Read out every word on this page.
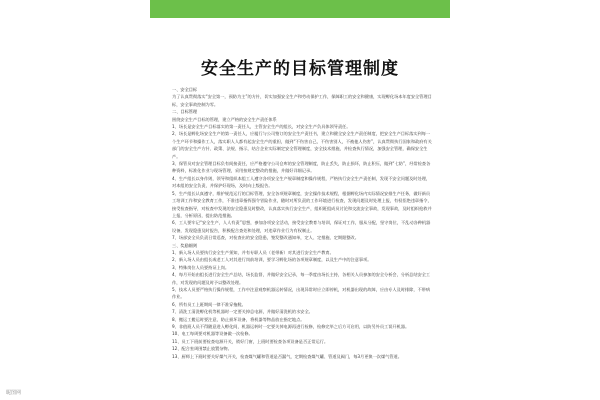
安全生产的目标管理制度

一、安全目标

为了认真贯彻落实“安全第一，预防为主”的方针，切实加强安全生产和劳动保护工作，保障职工的安全和健康，实现孵化场本年度安全管理目标，安全事故控制为零。

二、目标管理

围绕安全生产目标的管理，建立严格的安全生产责任体系

1、场长是安全生产目标落实的第一责任人，主管安全生产的组长，对安全生产负具体领导责任。

2、场长是孵化场安全生产的第一责任人，应履行与公司签订的安全生产责任书，建立和健全安全生产责任制度，把安全生产目标落实到每一个生产环节和操作工人，落实职人人都有起安全生产的重担，做到“不伤害自己，不伤害别人，不被他人伤害”，认真贯彻执行国家和政府有关部门的安全生产方针、政策、法规、指示，结合企业实际制定安全管理制度，安全技术措施，并检查执行情况，加强安全管理，确保安全生产。

3、保管员对安全管理目标负有间接责任，应严格遵守公司仓库的安全管理制度，防止丢失，防止损坏，防止积压，做到“七防”，经常检查各种资料，标准化作业与现场管理，采用按规定整改的措施，并做好详细记录。

4、生产组长以身作则，领导和组织本组工人遵守各项安全生产规章制度和操作规程，严格执行安全生产责任制，发现不安全问题及时处理，对本组的安全负责，并保护好现场，及时向上级报告。

5、生产组长认真遵守，维护规范运行的目标管理，安全各项规章制度，安全操作技术规程，根据孵化场内实际情况安排生产任务，做好新员工培训工作和安全教育工作，不准违章指挥强令冒险作业，随时对所负责的工作环境进行检查，发现问题及时处理上报，有权拒绝违章指令，接受检查指导，对检查中发现的安全隐患及时整改，认真落实执行安全生产，组织班组成员讨论和交流安全事故，发现事故，及时组织抢救并上报，分析原因，提出防范措施。

6、工人要牢记“安全生产，人人有责”思想，参加各项安全活动，接受安全教育与培训，保证对工作，服从分配，坚守岗位，不乱动各种机器设备，发现隐患及时报告，积极配合查处和处理，对违章作业行为有权制止。

7、场部安全员负责日常巡查，对检查出的安全隐患，签发整改通知单，定人、定措施、定期限整改。

三、奖励细则

1、新入场人员要执行安全生产须知，并有专职人员（老带新）对其进行安全生产教育。

2、新入场人员由组长或老工人对其进行岗前培训，要学习孵化场的各项规章制度，以及生产中的注意事项。

3、特殊岗位人员要持证上岗。

4、每月开始由组长进行安全生产总结，场长监督，并做好安全记录，每一季度由场长主持，各相关人员参加的安全分析会，分析总结安全工作，对发现的问题及时予以整改处理。

5、技术人员要严格执行操作规程，工作中注意观察机器运转情况，出现异常时应立即停机，对机器出现的故障，应由专人及时排除，不带病作业。

6、所有员工上班期间一律不准穿拖鞋。

7、清洗工清洗孵化机等机器时一定要关掉总电源，并做好清洗机的水安全。

8、搬运工搬运时要注意，防止损坏设备，将机器等物品放在指定地点。

9、非值班人员不得随意进入孵化间，机器运转时一定要关掉电源再进行检修，检修完毕之后方可启用，以防另外员工误开机器。

10、电工每周要对机器等设备做一次检修。

11、员工下班前要检查电源开关，锁好门窗，上班时要检查各项设备是否正常运行。

12、配合室周围禁止放置杂物。

13、厨师上下班时要关好煤气开关，检查煤气罐和管道是否漏气，定期检查煤气罐、管道及阀门，每3月更换一次煤气管道。

昵图网
